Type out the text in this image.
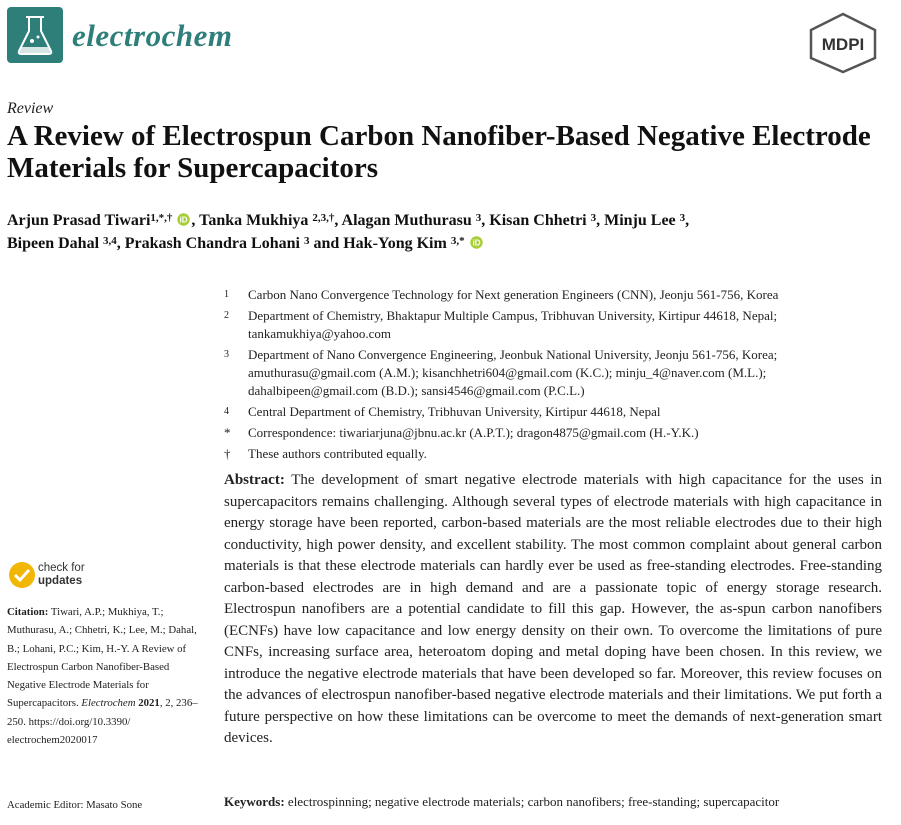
electrochem	MDPI
Review
A Review of Electrospun Carbon Nanofiber-Based Negative Electrode Materials for Supercapacitors
Arjun Prasad Tiwari$^{1,*,\dagger}$ iD , Tanka Mukhiya $^{2,3,\dagger}$, Alagan Muthurasu $^3$, Kisan Chhetri $^3$, Minju Lee $^3$,
Bipeen Dahal $^{3,4}$, Prakash Chandra Lohani $^3$ and Hak-Yong Kim $^{3,*}$ iD
1 Carbon Nano Convergence Technology for Next generation Engineers (CNN), Jeonju 561-756, Korea
2 Department of Chemistry, Bhaktapur Multiple Campus, Tribhuvan University, Kirtipur 44618, Nepal;
tankamukhiya@yahoo.com
3 Department of Nano Convergence Engineering, Jeonbuk National University, Jeonju 561-756, Korea;
amuthurasu@gmail.com (A.M.); kisanchhetri604@gmail.com (K.C.); minju_4@naver.com (M.L.);
dahalbipeen@gmail.com (B.D.); sansi4546@gmail.com (P.C.L.)
4 Central Department of Chemistry, Tribhuvan University, Kirtipur 44618, Nepal
* Correspondence: tiwariarjuna@jbnu.ac.kr (A.P.T.); dragon4875@gmail.com (H.-Y.K.)
† These authors contributed equally.
Abstract: The development of smart negative electrode materials with high capacitance for the uses in supercapacitors remains challenging. Although several types of electrode materials with high capacitance in energy storage have been reported, carbon-based materials are the most reliable electrodes due to their high conductivity, high power density, and excellent stability. The most common complaint about general carbon materials is that these electrode materials can hardly ever be used as free-standing electrodes. Free-standing carbon-based electrodes are in high demand and are a passionate topic of energy storage research. Electrospun nanofibers are a potential candidate to fill this gap. However, the as-spun carbon nanofibers (ECNFs) have low capacitance and low energy density on their own. To overcome the limitations of pure CNFs, increasing surface area, heteroatom doping and metal doping have been chosen. In this review, we introduce the negative electrode materials that have been developed so far. Moreover, this review focuses on the advances of electrospun nanofiber-based negative electrode materials and their limitations. We put forth a future perspective on how these limitations can be overcome to meet the demands of next-generation smart devices.
Keywords: electrospinning; negative electrode materials; carbon nanofibers; free-standing; supercapacitor
check for
updates
Citation: Tiwari, A.P.; Mukhiya, T.; Muthurasu, A.; Chhetri, K.; Lee, M.; Dahal, B.; Lohani, P.C.; Kim, H.-Y. A Review of Electrospun Carbon Nanofiber-Based Negative Electrode Materials for Supercapacitors. Electrochem 2021, 2, 236–250. https://doi.org/10.3390/ electrochem2020017
Academic Editor: Masato Sone
